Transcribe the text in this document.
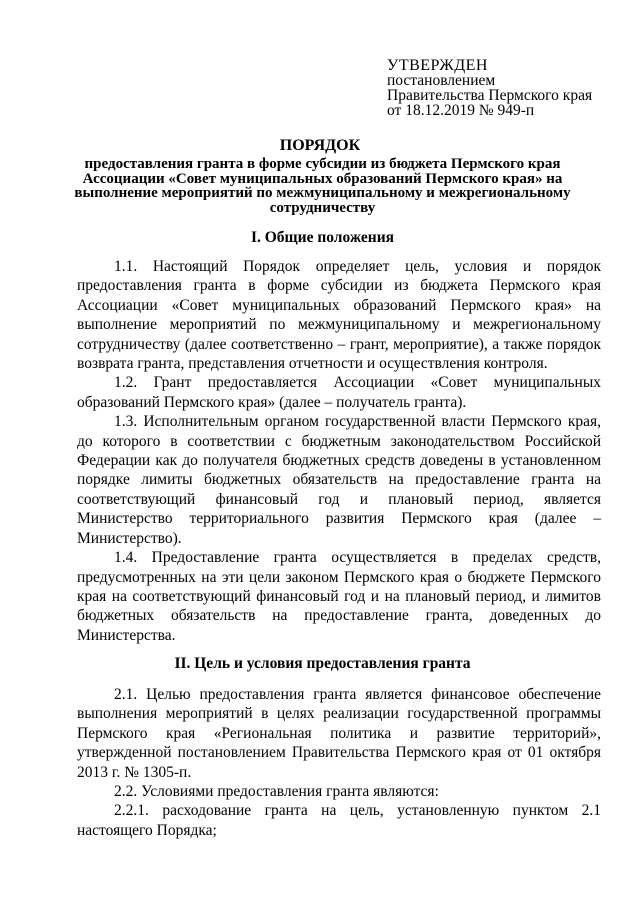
УТВЕРЖДЕН
постановлением
Правительства Пермского края
от 18.12.2019 № 949-п
ПОРЯДОК
предоставления гранта в форме субсидии из бюджета Пермского края Ассоциации «Совет муниципальных образований Пермского края» на выполнение мероприятий по межмуниципальному и межрегиональному сотрудничеству
I. Общие положения

1.1. Настоящий Порядок определяет цель, условия и порядок предоставления гранта в форме субсидии из бюджета Пермского края Ассоциации «Совет муниципальных образований Пермского края» на выполнение мероприятий по межмуниципальному и межрегиональному сотрудничеству (далее соответственно – грант, мероприятие), а также порядок возврата гранта, представления отчетности и осуществления контроля.

1.2. Грант предоставляется Ассоциации «Совет муниципальных образований Пермского края» (далее – получатель гранта).

1.3. Исполнительным органом государственной власти Пермского края, до которого в соответствии с бюджетным законодательством Российской Федерации как до получателя бюджетных средств доведены в установленном порядке лимиты бюджетных обязательств на предоставление гранта на соответствующий финансовый год и плановый период, является Министерство территориального развития Пермского края (далее – Министерство).

1.4. Предоставление гранта осуществляется в пределах средств, предусмотренных на эти цели законом Пермского края о бюджете Пермского края на соответствующий финансовый год и на плановый период, и лимитов бюджетных обязательств на предоставление гранта, доведенных до Министерства.

II. Цель и условия предоставления гранта

2.1. Целью предоставления гранта является финансовое обеспечение выполнения мероприятий в целях реализации государственной программы Пермского края «Региональная политика и развитие территорий», утвержденной постановлением Правительства Пермского края от 01 октября 2013 г. № 1305-п.

2.2. Условиями предоставления гранта являются:

2.2.1. расходование гранта на цель, установленную пунктом 2.1 настоящего Порядка;
